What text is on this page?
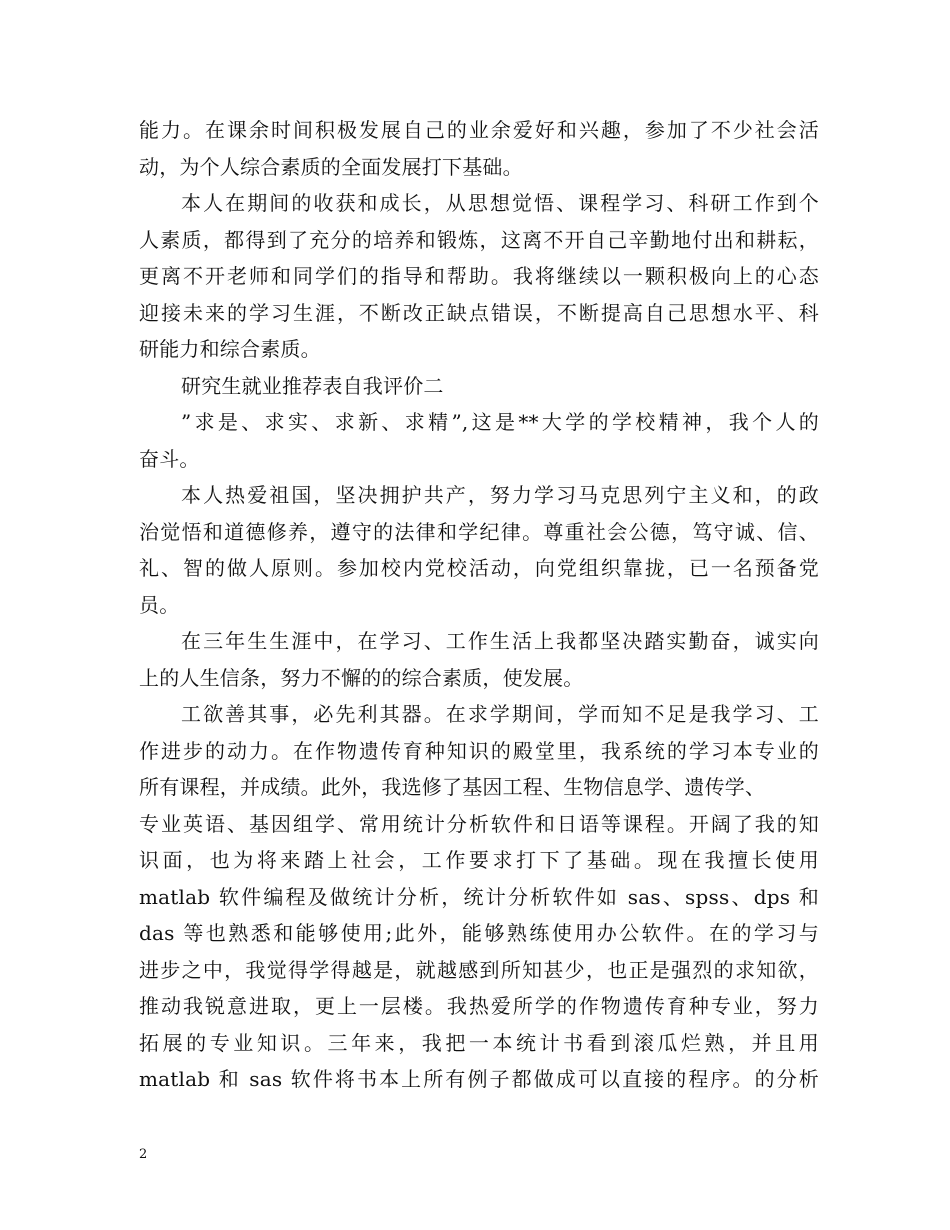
能力。在课余时间积极发展自己的业余爱好和兴趣，参加了不少社会活
动，为个人综合素质的全面发展打下基础。
本人在期间的收获和成长，从思想觉悟、课程学习、科研工作到个
人素质，都得到了充分的培养和锻炼，这离不开自己辛勤地付出和耕耘，
更离不开老师和同学们的指导和帮助。我将继续以一颗积极向上的心态
迎接未来的学习生涯，不断改正缺点错误，不断提高自己思想水平、科
研能力和综合素质。
研究生就业推荐表自我评价二
”求是、求实、求新、求精”,这是**大学的学校精神，我个人的
奋斗。
本人热爱祖国，坚决拥护共产，努力学习马克思列宁主义和，的政
治觉悟和道德修养，遵守的法律和学纪律。尊重社会公德，笃守诚、信、
礼、智的做人原则。参加校内党校活动，向党组织靠拢，已一名预备党
员。
在三年生生涯中，在学习、工作生活上我都坚决踏实勤奋，诚实向
上的人生信条，努力不懈的的综合素质，使发展。
工欲善其事，必先利其器。在求学期间，学而知不足是我学习、工
作进步的动力。在作物遗传育种知识的殿堂里，我系统的学习本专业的
所有课程，并成绩。此外，我选修了基因工程、生物信息学、遗传学、
专业英语、基因组学、常用统计分析软件和日语等课程。开阔了我的知
识面，也为将来踏上社会，工作要求打下了基础。现在我擅长使用
matlab 软件编程及做统计分析，统计分析软件如 sas、spss、dps 和
das 等也熟悉和能够使用;此外，能够熟练使用办公软件。在的学习与
进步之中，我觉得学得越是，就越感到所知甚少，也正是强烈的求知欲，
推动我锐意进取，更上一层楼。我热爱所学的作物遗传育种专业，努力
拓展的专业知识。三年来，我把一本统计书看到滚瓜烂熟，并且用
matlab 和 sas 软件将书本上所有例子都做成可以直接的程序。的分析
2
